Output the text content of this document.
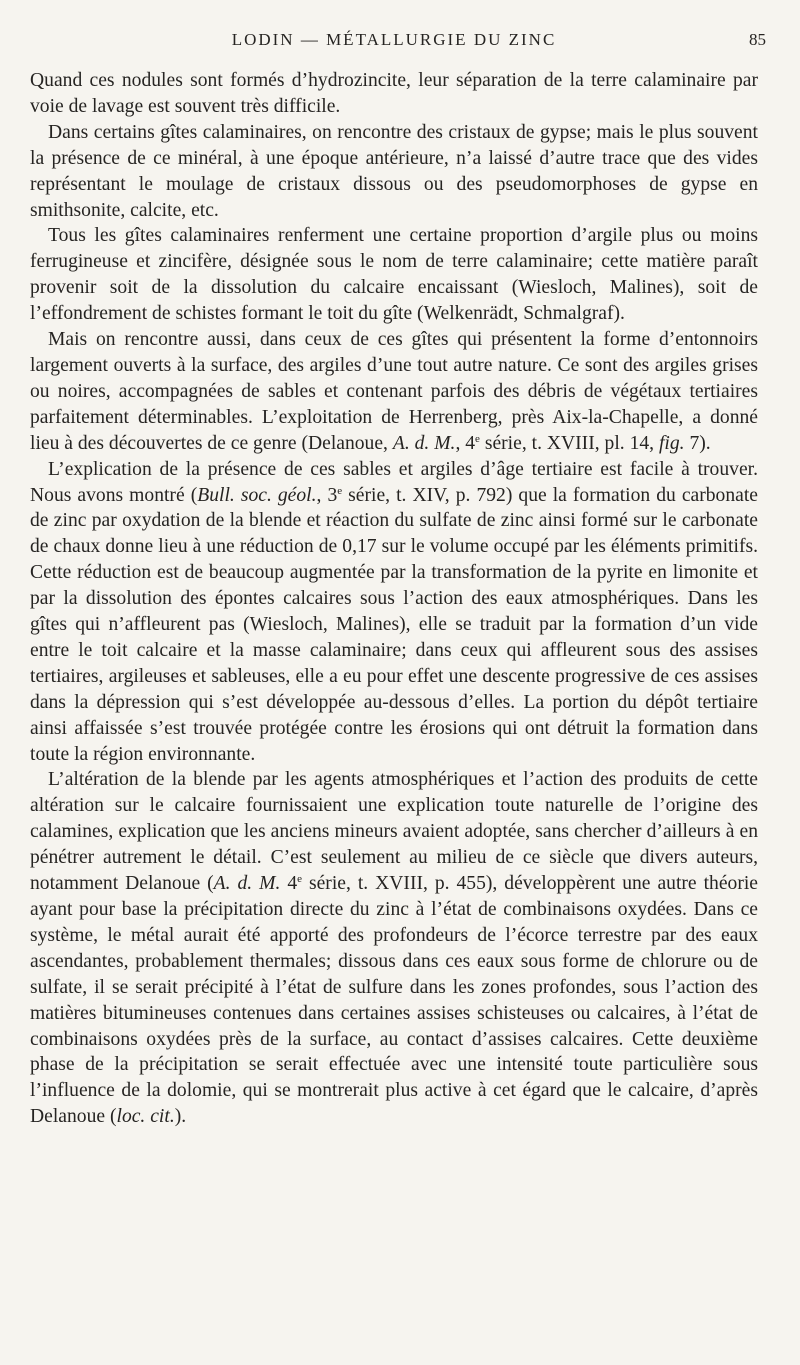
LODIN — MÉTALLURGIE DU ZINC	85

Quand ces nodules sont formés d’hydrozincite, leur séparation de la terre calaminaire par voie de lavage est souvent très difficile.

Dans certains gîtes calaminaires, on rencontre des cristaux de gypse; mais le plus souvent la présence de ce minéral, à une époque antérieure, n’a laissé d’autre trace que des vides représentant le moulage de cristaux dissous ou des pseudomorphoses de gypse en smithsonite, calcite, etc.

Tous les gîtes calaminaires renferment une certaine proportion d’argile plus ou moins ferrugineuse et zincifère, désignée sous le nom de terre calaminaire; cette matière paraît provenir soit de la dissolution du calcaire encaissant (Wiesloch, Malines), soit de l’effondrement de schistes formant le toit du gîte (Welkenrädt, Schmalgraf).

Mais on rencontre aussi, dans ceux de ces gîtes qui présentent la forme d’entonnoirs largement ouverts à la surface, des argiles d’une tout autre nature. Ce sont des argiles grises ou noires, accompagnées de sables et contenant parfois des débris de végétaux tertiaires parfaitement déterminables. L’exploitation de Herrenberg, près Aix-la-Chapelle, a donné lieu à des découvertes de ce genre (Delanoue, A. d. M., 4e série, t. XVIII, pl. 14, fig. 7).

L’explication de la présence de ces sables et argiles d’âge tertiaire est facile à trouver. Nous avons montré (Bull. soc. géol., 3e série, t. XIV, p. 792) que la formation du carbonate de zinc par oxydation de la blende et réaction du sulfate de zinc ainsi formé sur le carbonate de chaux donne lieu à une réduction de 0,17 sur le volume occupé par les éléments primitifs. Cette réduction est de beaucoup augmentée par la transformation de la pyrite en limonite et par la dissolution des épontes calcaires sous l’action des eaux atmosphériques. Dans les gîtes qui n’affleurent pas (Wiesloch, Malines), elle se traduit par la formation d’un vide entre le toit calcaire et la masse calaminaire; dans ceux qui affleurent sous des assises tertiaires, argileuses et sableuses, elle a eu pour effet une descente progressive de ces assises dans la dépression qui s’est développée au-dessous d’elles. La portion du dépôt tertiaire ainsi affaissée s’est trouvée protégée contre les érosions qui ont détruit la formation dans toute la région environnante.

L’altération de la blende par les agents atmosphériques et l’action des produits de cette altération sur le calcaire fournissaient une explication toute naturelle de l’origine des calamines, explication que les anciens mineurs avaient adoptée, sans chercher d’ailleurs à en pénétrer autrement le détail. C’est seulement au milieu de ce siècle que divers auteurs, notamment Delanoue (A. d. M. 4e série, t. XVIII, p. 455), développèrent une autre théorie ayant pour base la précipitation directe du zinc à l’état de combinaisons oxydées. Dans ce système, le métal aurait été apporté des profondeurs de l’écorce terrestre par des eaux ascendantes, probablement thermales; dissous dans ces eaux sous forme de chlorure ou de sulfate, il se serait précipité à l’état de sulfure dans les zones profondes, sous l’action des matières bitumineuses contenues dans certaines assises schisteuses ou calcaires, à l’état de combinaisons oxydées près de la surface, au contact d’assises calcaires. Cette deuxième phase de la précipitation se serait effectuée avec une intensité toute particulière sous l’influence de la dolomie, qui se montrerait plus active à cet égard que le calcaire, d’après Delanoue (loc. cit.).
